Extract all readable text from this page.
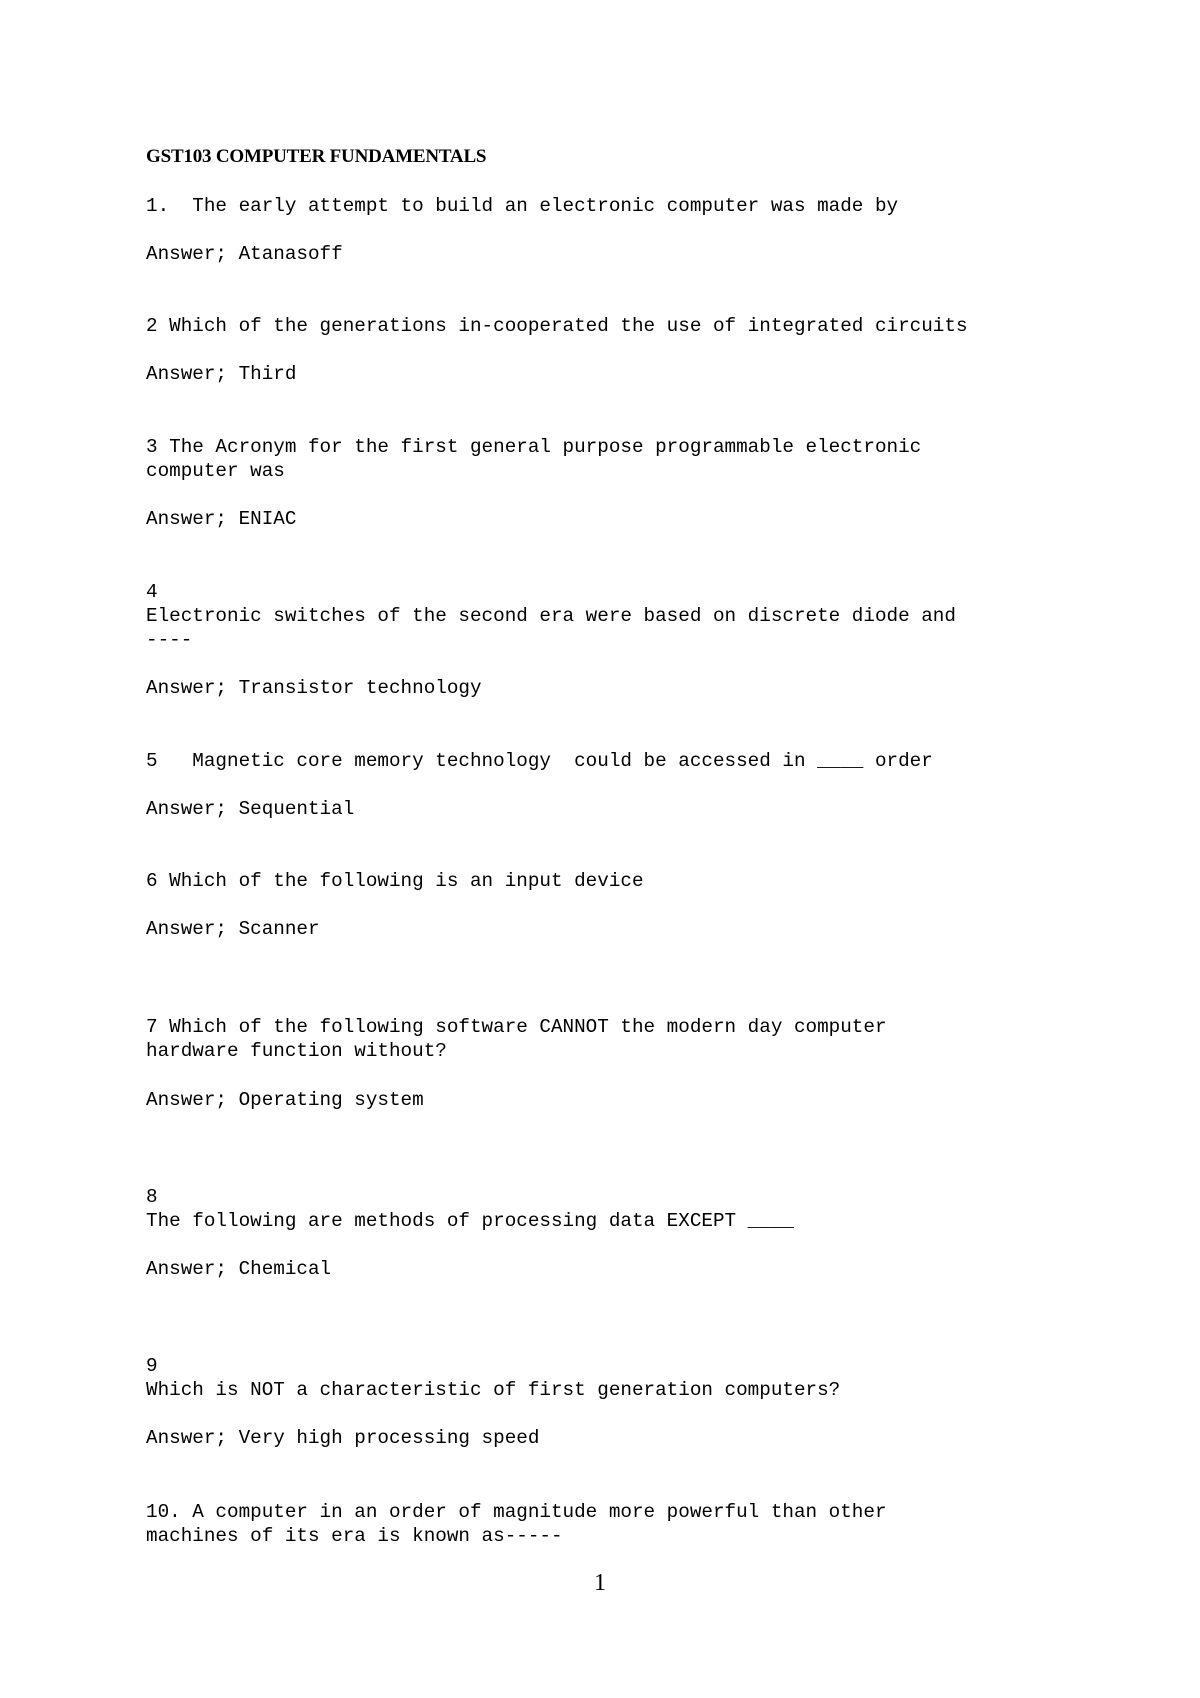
GST103 COMPUTER FUNDAMENTALS
1.  The early attempt to build an electronic computer was made by
Answer; Atanasoff
2 Which of the generations in-cooperated the use of integrated circuits
Answer; Third
3 The Acronym for the first general purpose programmable electronic
computer was
Answer; ENIAC
4
Electronic switches of the second era were based on discrete diode and
----
Answer; Transistor technology
5   Magnetic core memory technology  could be accessed in ____ order
Answer; Sequential
6 Which of the following is an input device
Answer; Scanner
7 Which of the following software CANNOT the modern day computer
hardware function without?
Answer; Operating system
8
The following are methods of processing data EXCEPT ____
Answer; Chemical
9
Which is NOT a characteristic of first generation computers?
Answer; Very high processing speed
10. A computer in an order of magnitude more powerful than other
machines of its era is known as-----
1
